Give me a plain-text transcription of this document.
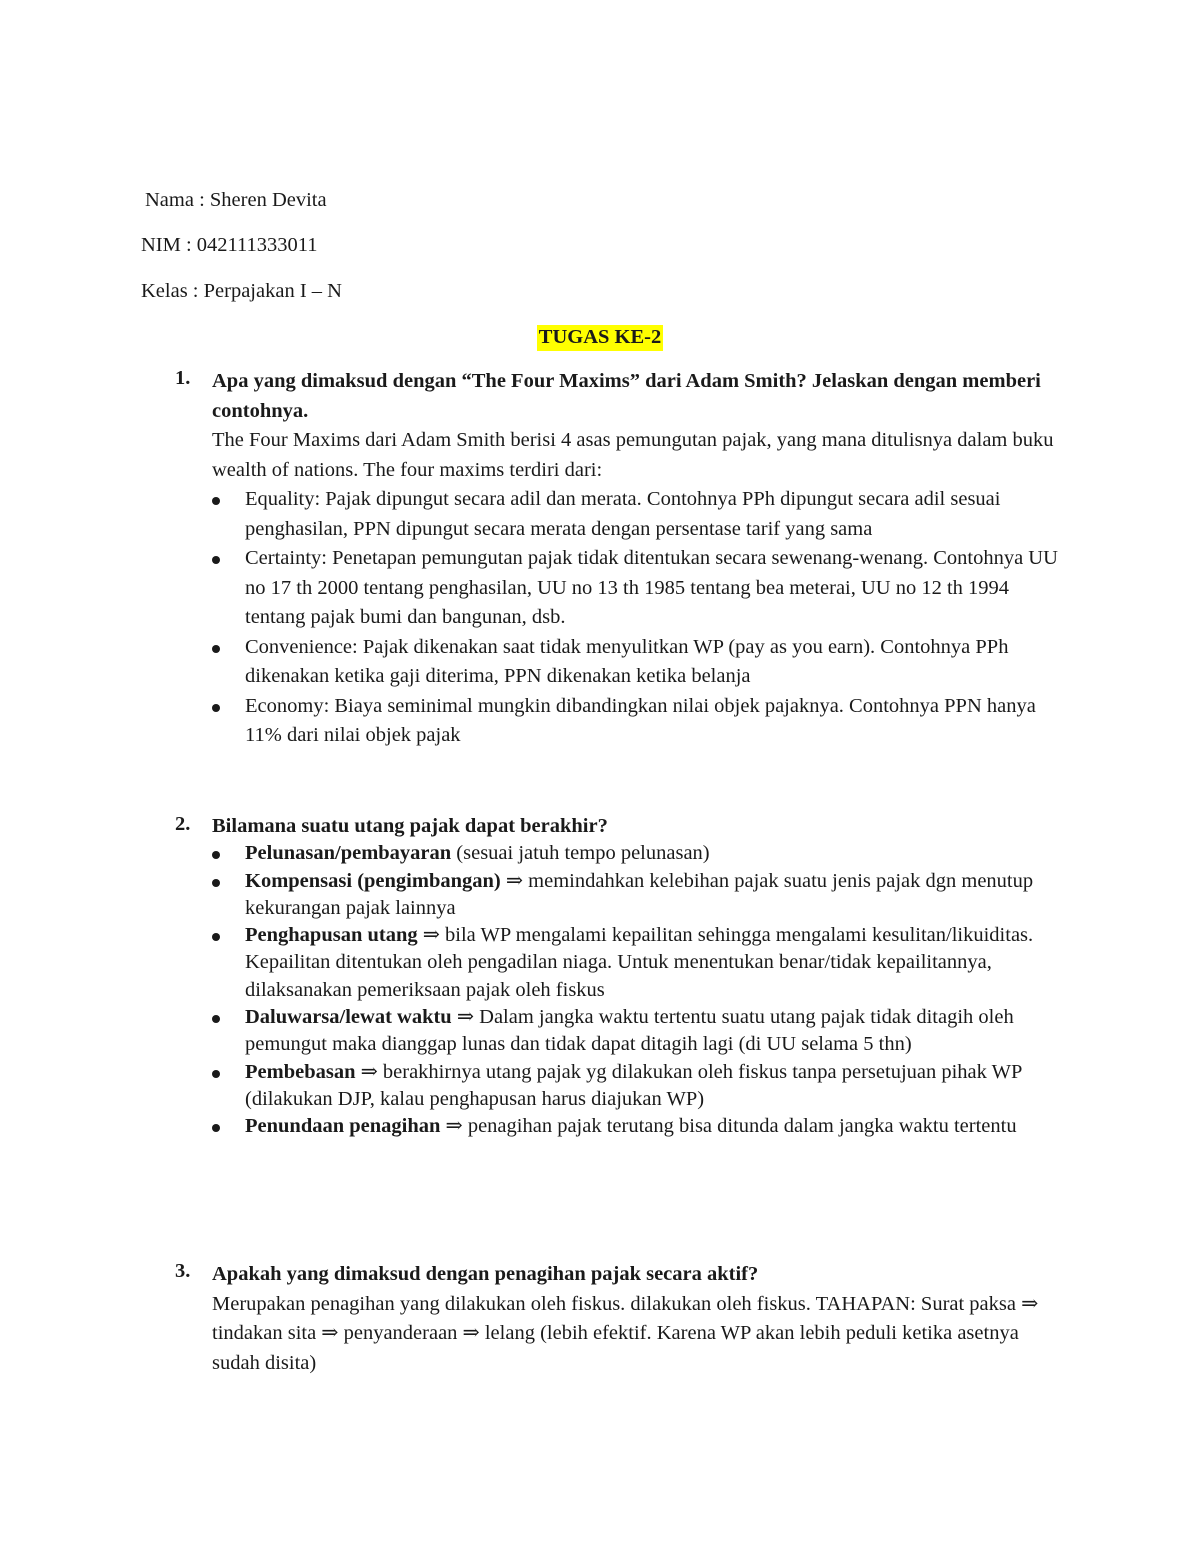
Nama : Sheren Devita
NIM : 042111333011
Kelas : Perpajakan I – N
TUGAS KE-2
1. Apa yang dimaksud dengan “The Four Maxims” dari Adam Smith? Jelaskan dengan memberi contohnya.
The Four Maxims dari Adam Smith berisi 4 asas pemungutan pajak, yang mana ditulisnya dalam buku wealth of nations. The four maxims terdiri dari:
Equality: Pajak dipungut secara adil dan merata. Contohnya PPh dipungut secara adil sesuai penghasilan, PPN dipungut secara merata dengan persentase tarif yang sama
Certainty: Penetapan pemungutan pajak tidak ditentukan secara sewenang-wenang. Contohnya UU no 17 th 2000 tentang penghasilan, UU no 13 th 1985 tentang bea meterai, UU no 12 th 1994 tentang pajak bumi dan bangunan, dsb.
Convenience: Pajak dikenakan saat tidak menyulitkan WP (pay as you earn). Contohnya PPh dikenakan ketika gaji diterima, PPN dikenakan ketika belanja
Economy: Biaya seminimal mungkin dibandingkan nilai objek pajaknya. Contohnya PPN hanya 11% dari nilai objek pajak
2. Bilamana suatu utang pajak dapat berakhir?
Pelunasan/pembayaran (sesuai jatuh tempo pelunasan)
Kompensasi (pengimbangan) ⇒ memindahkan kelebihan pajak suatu jenis pajak dgn menutup kekurangan pajak lainnya
Penghapusan utang ⇒ bila WP mengalami kepailitan sehingga mengalami kesulitan/likuiditas. Kepailitan ditentukan oleh pengadilan niaga. Untuk menentukan benar/tidak kepailitannya, dilaksanakan pemeriksaan pajak oleh fiskus
Daluwarsa/lewat waktu ⇒ Dalam jangka waktu tertentu suatu utang pajak tidak ditagih oleh pemungut maka dianggap lunas dan tidak dapat ditagih lagi (di UU selama 5 thn)
Pembebasan ⇒ berakhirnya utang pajak yg dilakukan oleh fiskus tanpa persetujuan pihak WP (dilakukan DJP, kalau penghapusan harus diajukan WP)
Penundaan penagihan ⇒ penagihan pajak terutang bisa ditunda dalam jangka waktu tertentu
3. Apakah yang dimaksud dengan penagihan pajak secara aktif?
Merupakan penagihan yang dilakukan oleh fiskus. dilakukan oleh fiskus. TAHAPAN: Surat paksa ⇒ tindakan sita ⇒ penyanderaan ⇒ lelang (lebih efektif. Karena WP akan lebih peduli ketika asetnya sudah disita)
